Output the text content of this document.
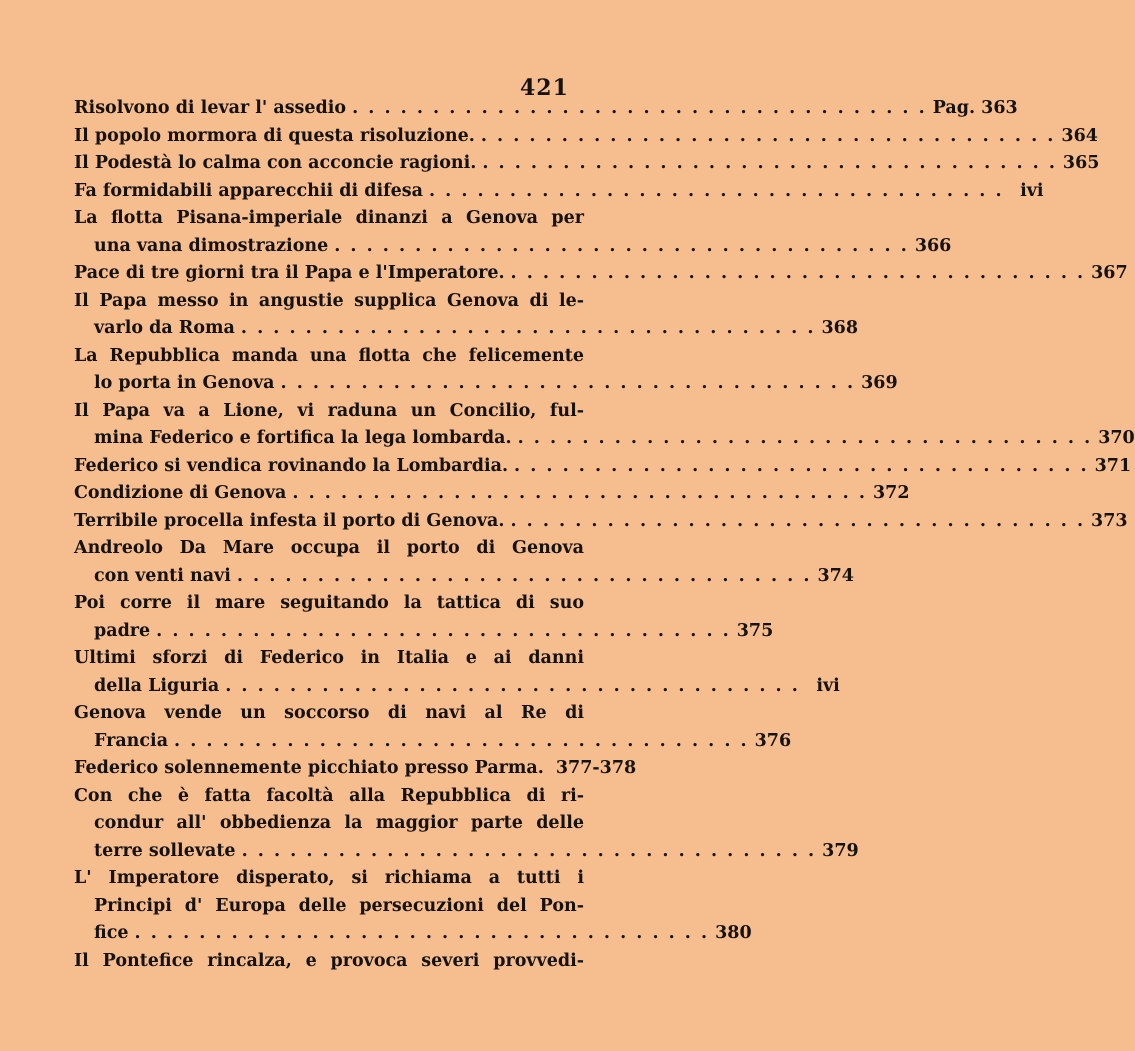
421
Risolvono di levar l' assedio . . . . . . . . . . . . . . . . . . . . . . . . . . . . . . . . . . . . Pag. 363
Il popolo mormora di questa risoluzione. . . . . . . . . . . . . . . . . . . . . . . . . . . . . . . . . . . . . 364
Il Podestà lo calma con acconcie ragioni. . . . . . . . . . . . . . . . . . . . . . . . . . . . . . . . . . . . . 365
Fa formidabili apparecchii di difesa . . . . . . . . . . . . . . . . . . . . . . . . . . . . . . . . . . . . ivi
La flotta Pisana-imperiale dinanzi a Genova per
una vana dimostrazione . . . . . . . . . . . . . . . . . . . . . . . . . . . . . . . . . . . . 366
Pace di tre giorni tra il Papa e l'Imperatore. . . . . . . . . . . . . . . . . . . . . . . . . . . . . . . . . . . . . 367
Il Papa messo in angustie supplica Genova di le-
varlo da Roma . . . . . . . . . . . . . . . . . . . . . . . . . . . . . . . . . . . . 368
La Repubblica manda una flotta che felicemente
lo porta in Genova . . . . . . . . . . . . . . . . . . . . . . . . . . . . . . . . . . . . 369
Il Papa va a Lione, vi raduna un Concilio, ful-
mina Federico e fortifica la lega lombarda. . . . . . . . . . . . . . . . . . . . . . . . . . . . . . . . . . . . . 370
Federico si vendica rovinando la Lombardia. . . . . . . . . . . . . . . . . . . . . . . . . . . . . . . . . . . . . 371
Condizione di Genova . . . . . . . . . . . . . . . . . . . . . . . . . . . . . . . . . . . . 372
Terribile procella infesta il porto di Genova. . . . . . . . . . . . . . . . . . . . . . . . . . . . . . . . . . . . . 373
Andreolo Da Mare occupa il porto di Genova
con venti navi . . . . . . . . . . . . . . . . . . . . . . . . . . . . . . . . . . . . 374
Poi corre il mare seguitando la tattica di suo
padre . . . . . . . . . . . . . . . . . . . . . . . . . . . . . . . . . . . . 375
Ultimi sforzi di Federico in Italia e ai danni
della Liguria . . . . . . . . . . . . . . . . . . . . . . . . . . . . . . . . . . . . ivi
Genova vende un soccorso di navi al Re di
Francia . . . . . . . . . . . . . . . . . . . . . . . . . . . . . . . . . . . . 376
Federico solennemente picchiato presso Parma. 377-378
Con che è fatta facoltà alla Repubblica di ri-
condur all' obbedienza la maggior parte delle
terre sollevate . . . . . . . . . . . . . . . . . . . . . . . . . . . . . . . . . . . . 379
L' Imperatore disperato, si richiama a tutti i
Principi d' Europa delle persecuzioni del Pon-
fice . . . . . . . . . . . . . . . . . . . . . . . . . . . . . . . . . . . . 380
Il Pontefice rincalza, e provoca severi provvedi-
